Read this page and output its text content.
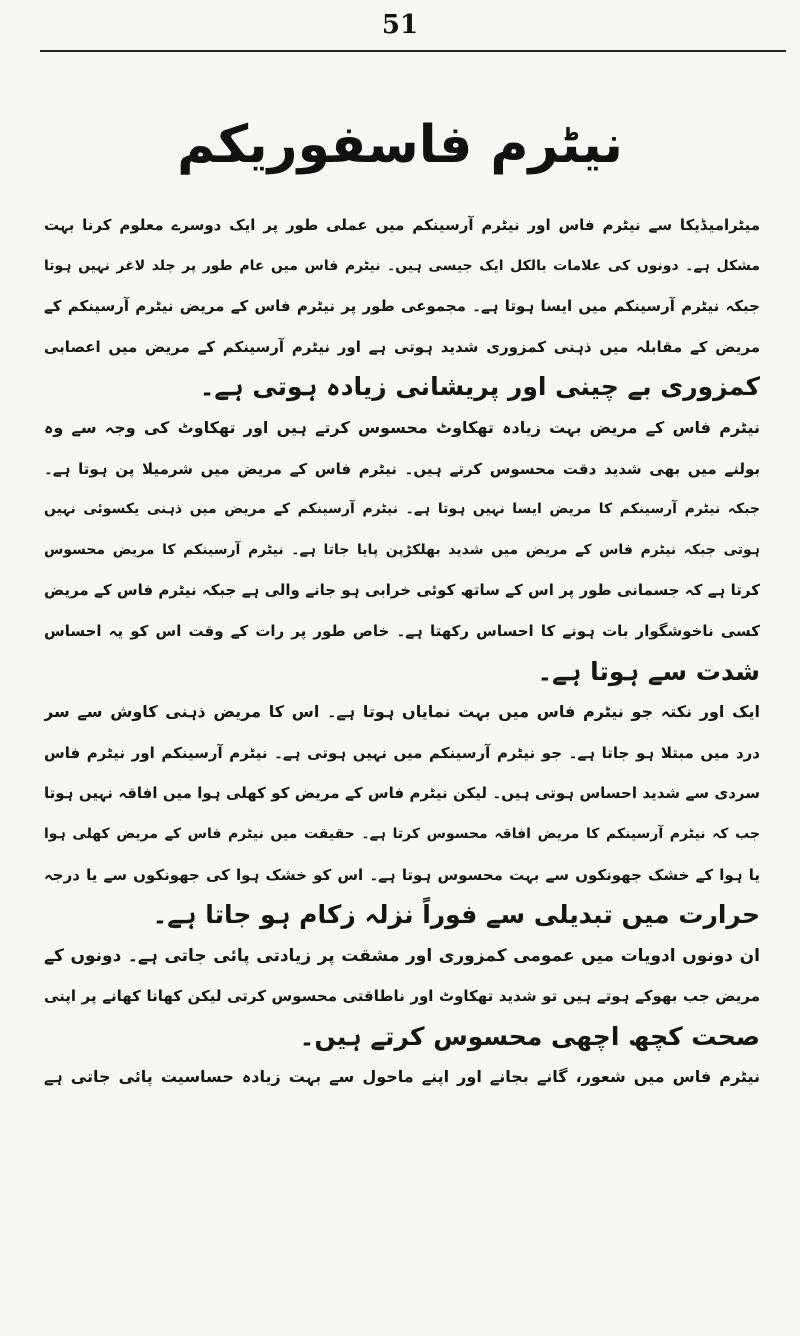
51
نیٹرم فاسفوریکم
میٹرامیڈیکا سے نیٹرم فاس اور نیٹرم آرسینکم میں عملی طور پر ایک دوسرے معلوم کرنا بہت
مشکل ہے۔ دونوں کی علامات بالکل ایک جیسی ہیں۔ نیٹرم فاس میں عام طور پر جلد لاغر نہیں ہوتا
جبکہ نیٹرم آرسینکم میں ایسا ہوتا ہے۔ مجموعی طور پر نیٹرم فاس کے مریض نیٹرم آرسینکم کے
مریض کے مقابلہ میں ذہنی کمزوری شدید ہوتی ہے اور نیٹرم آرسینکم کے مریض میں اعصابی
کمزوری بے چینی اور پریشانی زیادہ ہوتی ہے۔
نیٹرم فاس کے مریض بہت زیادہ تھکاوٹ محسوس کرتے ہیں اور تھکاوٹ کی وجہ سے وہ
بولنے میں بھی شدید دقت محسوس کرتے ہیں۔ نیٹرم فاس کے مریض میں شرمیلا پن ہوتا ہے۔
جبکہ نیٹرم آرسینکم کا مریض ایسا نہیں ہوتا ہے۔ نیٹرم آرسینکم کے مریض میں ذہنی یکسوئی نہیں
ہوتی جبکہ نیٹرم فاس کے مریض میں شدید بھلکڑپن پایا جاتا ہے۔ نیٹرم آرسینکم کا مریض محسوس
کرتا ہے کہ جسمانی طور پر اس کے ساتھ کوئی خرابی ہو جانے والی ہے جبکہ نیٹرم فاس کے مریض
کسی ناخوشگوار بات ہونے کا احساس رکھتا ہے۔ خاص طور پر رات کے وقت اس کو یہ احساس
شدت سے ہوتا ہے۔
ایک اور نکتہ جو نیٹرم فاس میں بہت نمایاں ہوتا ہے۔ اس کا مریض ذہنی کاوش سے سر
درد میں مبتلا ہو جاتا ہے۔ جو نیٹرم آرسینکم میں نہیں ہوتی ہے۔ نیٹرم آرسینکم اور نیٹرم فاس
سردی سے شدید احساس ہوتی ہیں۔ لیکن نیٹرم فاس کے مریض کو کھلی ہوا میں افاقہ نہیں ہوتا
جب کہ نیٹرم آرسینکم کا مریض افاقہ محسوس کرتا ہے۔ حقیقت میں نیٹرم فاس کے مریض کھلی ہوا
یا ہوا کے خشک جھونکوں سے بہت محسوس ہوتا ہے۔ اس کو خشک ہوا کی جھونکوں سے یا درجہ
حرارت میں تبدیلی سے فوراً نزلہ زکام ہو جاتا ہے۔
ان دونوں ادویات میں عمومی کمزوری اور مشقت پر زیادتی پائی جاتی ہے۔ دونوں کے
مریض جب بھوکے ہوتے ہیں تو شدید تھکاوٹ اور ناطاقتی محسوس کرتی لیکن کھانا کھانے پر اپنی
صحت کچھ اچھی محسوس کرتے ہیں۔
نیٹرم فاس میں شعور، گانے بجانے اور اپنے ماحول سے بہت زیادہ حساسیت پائی جاتی ہے
